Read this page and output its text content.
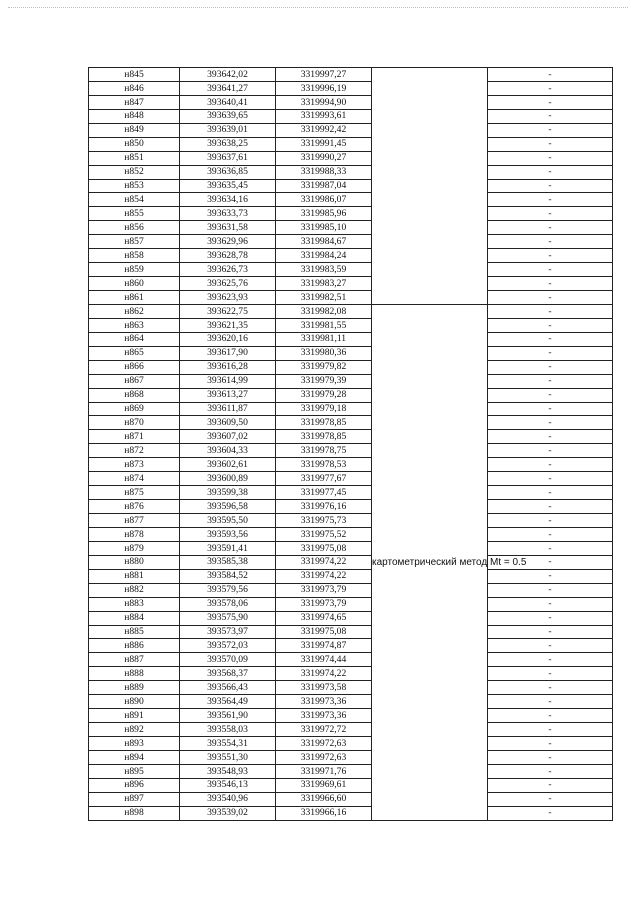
н845	393642,02	3319997,27		-
н846	393641,27	3319996,19		-
н847	393640,41	3319994,90		-
н848	393639,65	3319993,61		-
н849	393639,01	3319992,42		-
н850	393638,25	3319991,45		-
н851	393637,61	3319990,27		-
н852	393636,85	3319988,33		-
н853	393635,45	3319987,04		-
н854	393634,16	3319986,07		-
н855	393633,73	3319985,96		-
н856	393631,58	3319985,10		-
н857	393629,96	3319984,67		-
н858	393628,78	3319984,24		-
н859	393626,73	3319983,59		-
н860	393625,76	3319983,27		-
н861	393623,93	3319982,51		-
н862	393622,75	3319982,08	картометрический метод Mt = 0.5	-
н863	393621,35	3319981,55		-
н864	393620,16	3319981,11		-
н865	393617,90	3319980,36		-
н866	393616,28	3319979,82		-
н867	393614,99	3319979,39		-
н868	393613,27	3319979,28		-
н869	393611,87	3319979,18		-
н870	393609,50	3319978,85		-
н871	393607,02	3319978,85		-
н872	393604,33	3319978,75		-
н873	393602,61	3319978,53		-
н874	393600,89	3319977,67		-
н875	393599,38	3319977,45		-
н876	393596,58	3319976,16		-
н877	393595,50	3319975,73		-
н878	393593,56	3319975,52		-
н879	393591,41	3319975,08		-
н880	393585,38	3319974,22		-
н881	393584,52	3319974,22		-
н882	393579,56	3319973,79		-
н883	393578,06	3319973,79		-
н884	393575,90	3319974,65		-
н885	393573,97	3319975,08		-
н886	393572,03	3319974,87		-
н887	393570,09	3319974,44		-
н888	393568,37	3319974,22		-
н889	393566,43	3319973,58		-
н890	393564,49	3319973,36		-
н891	393561,90	3319973,36		-
н892	393558,03	3319972,72		-
н893	393554,31	3319972,63		-
н894	393551,30	3319972,63		-
н895	393548,93	3319971,76		-
н896	393546,13	3319969,61		-
н897	393540,96	3319966,60		-
н898	393539,02	3319966,16		-
